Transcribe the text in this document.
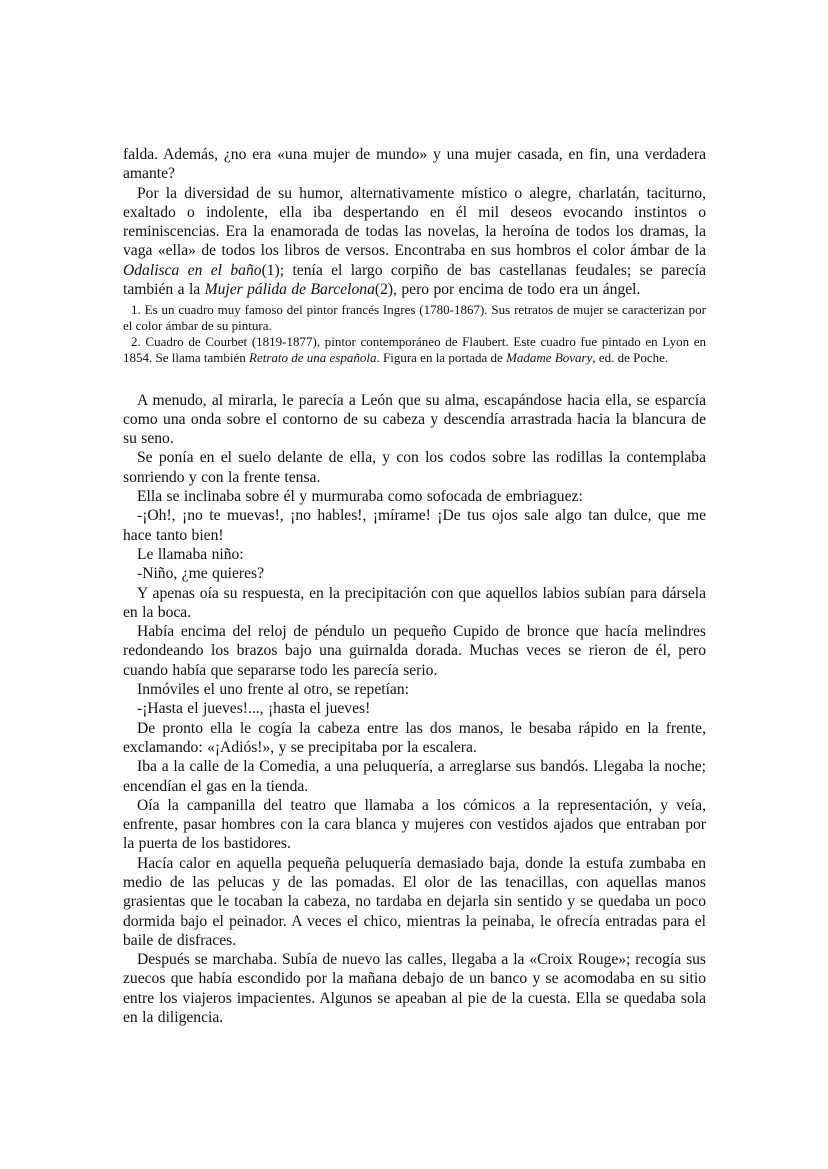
falda. Además, ¿no era «una mujer de mundo» y una mujer casada, en fin, una verdadera amante?

Por la diversidad de su humor, alternativamente místico o alegre, charlatán, taciturno, exaltado o indolente, ella iba despertando en él mil deseos evocando instintos o reminiscencias. Era la enamorada de todas las novelas, la heroína de todos los dramas, la vaga «ella» de todos los libros de versos. Encontraba en sus hombros el color ámbar de la Odalisca en el baño(1); tenía el largo corpiño de bas castellanas feudales; se parecía también a la Mujer pálida de Barcelona(2), pero por encima de todo era un ángel.

1. Es un cuadro muy famoso del pintor francés Ingres (1780-1867). Sus retratos de mujer se caracterizan por el color ámbar de su pintura.

2. Cuadro de Courbet (1819-1877), pintor contemporáneo de Flaubert. Este cuadro fue pintado en Lyon en 1854. Se llama también Retrato de una española. Figura en la portada de Madame Bovary, ed. de Poche.

A menudo, al mirarla, le parecía a León que su alma, escapándose hacia ella, se esparcía como una onda sobre el contorno de su cabeza y descendía arrastrada hacia la blancura de su seno.

Se ponía en el suelo delante de ella, y con los codos sobre las rodillas la contemplaba sonriendo y con la frente tensa.

Ella se inclinaba sobre él y murmuraba como sofocada de embriaguez:

-¡Oh!, ¡no te muevas!, ¡no hables!, ¡mírame! ¡De tus ojos sale algo tan dulce, que me hace tanto bien!

Le llamaba niño:

-Niño, ¿me quieres?

Y apenas oía su respuesta, en la precipitación con que aquellos labios subían para dársela en la boca.

Había encima del reloj de péndulo un pequeño Cupido de bronce que hacía melindres redondeando los brazos bajo una guirnalda dorada. Muchas veces se rieron de él, pero cuando había que separarse todo les parecía serio.

Inmóviles el uno frente al otro, se repetían:

-¡Hasta el jueves!..., ¡hasta el jueves!

De pronto ella le cogía la cabeza entre las dos manos, le besaba rápido en la frente, exclamando: «¡Adiós!», y se precipitaba por la escalera.

Iba a la calle de la Comedia, a una peluquería, a arreglarse sus bandós. Llegaba la noche; encendían el gas en la tienda.

Oía la campanilla del teatro que llamaba a los cómicos a la representación, y veía, enfrente, pasar hombres con la cara blanca y mujeres con vestidos ajados que entraban por la puerta de los bastidores.

Hacía calor en aquella pequeña peluquería demasiado baja, donde la estufa zumbaba en medio de las pelucas y de las pomadas. El olor de las tenacillas, con aquellas manos grasientas que le tocaban la cabeza, no tardaba en dejarla sin sentido y se quedaba un poco dormida bajo el peinador. A veces el chico, mientras la peinaba, le ofrecía entradas para el baile de disfraces.

Después se marchaba. Subía de nuevo las calles, llegaba a la «Croix Rouge»; recogía sus zuecos que había escondido por la mañana debajo de un banco y se acomodaba en su sitio entre los viajeros impacientes. Algunos se apeaban al pie de la cuesta. Ella se quedaba sola en la diligencia.
